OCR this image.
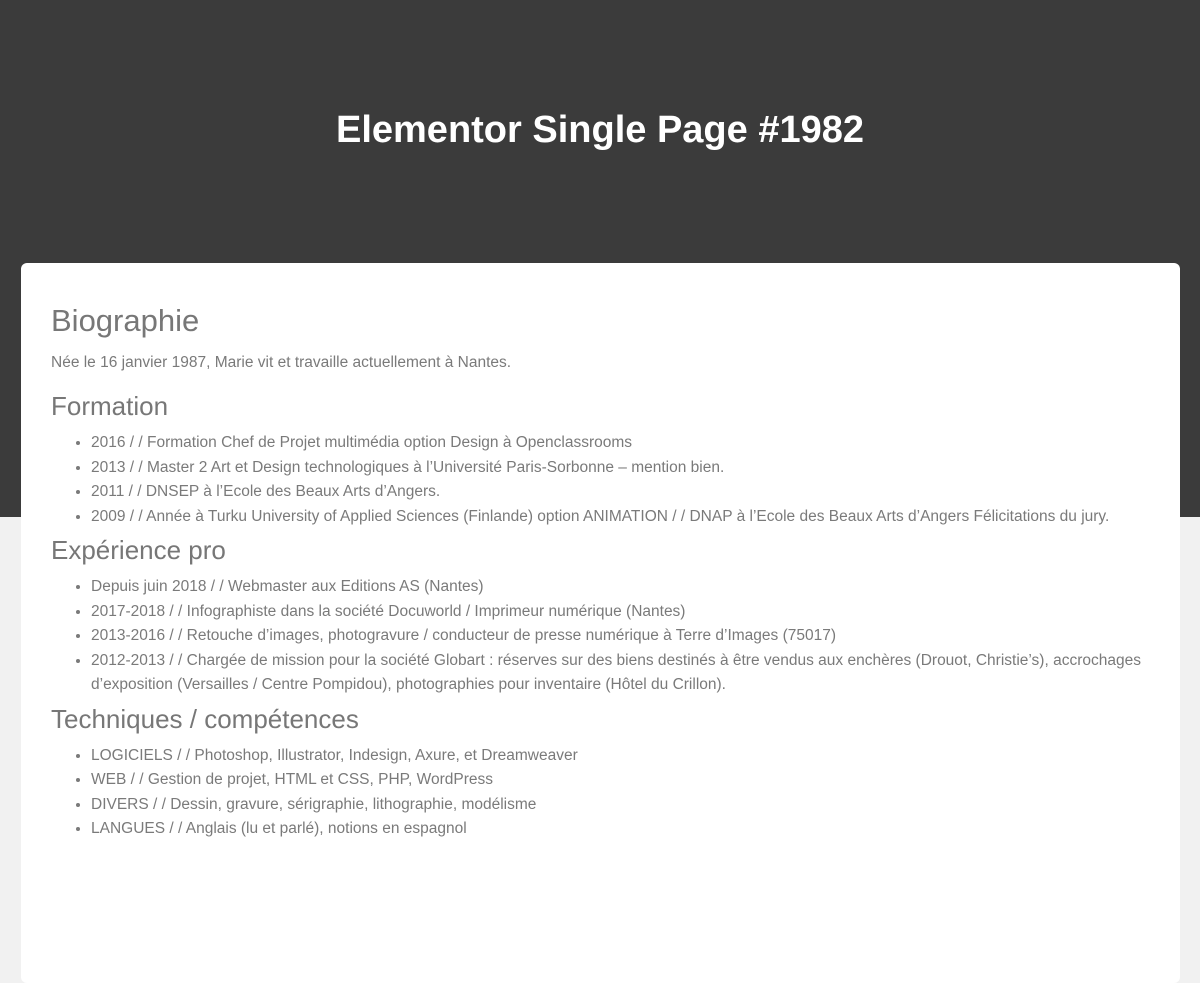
Elementor Single Page #1982
Biographie

Née le 16 janvier 1987, Marie vit et travaille actuellement à Nantes.

Formation
• 2016 / / Formation Chef de Projet multimédia option Design à Openclassrooms
• 2013 / / Master 2 Art et Design technologiques à l’Université Paris-Sorbonne – mention bien.
• 2011 / / DNSEP à l’Ecole des Beaux Arts d’Angers.
• 2009 / / Année à Turku University of Applied Sciences (Finlande) option ANIMATION / / DNAP à l’Ecole des Beaux Arts d’Angers Félicitations du jury.
Expérience pro
• Depuis juin 2018 / / Webmaster aux Editions AS (Nantes)
• 2017-2018 / / Infographiste dans la société Docuworld / Imprimeur numérique (Nantes)
• 2013-2016 / / Retouche d’images, photogravure / conducteur de presse numérique à Terre d’Images (75017)
• 2012-2013 / / Chargée de mission pour la société Globart : réserves sur des biens destinés à être vendus aux enchères (Drouot, Christie’s), accrochages d’exposition (Versailles / Centre Pompidou), photographies pour inventaire (Hôtel du Crillon).
Techniques / compétences
• LOGICIELS / / Photoshop, Illustrator, Indesign, Axure, et Dreamweaver
• WEB / / Gestion de projet, HTML et CSS, PHP, WordPress
• DIVERS / / Dessin, gravure, sérigraphie, lithographie, modélisme
• LANGUES / / Anglais (lu et parlé), notions en espagnol
